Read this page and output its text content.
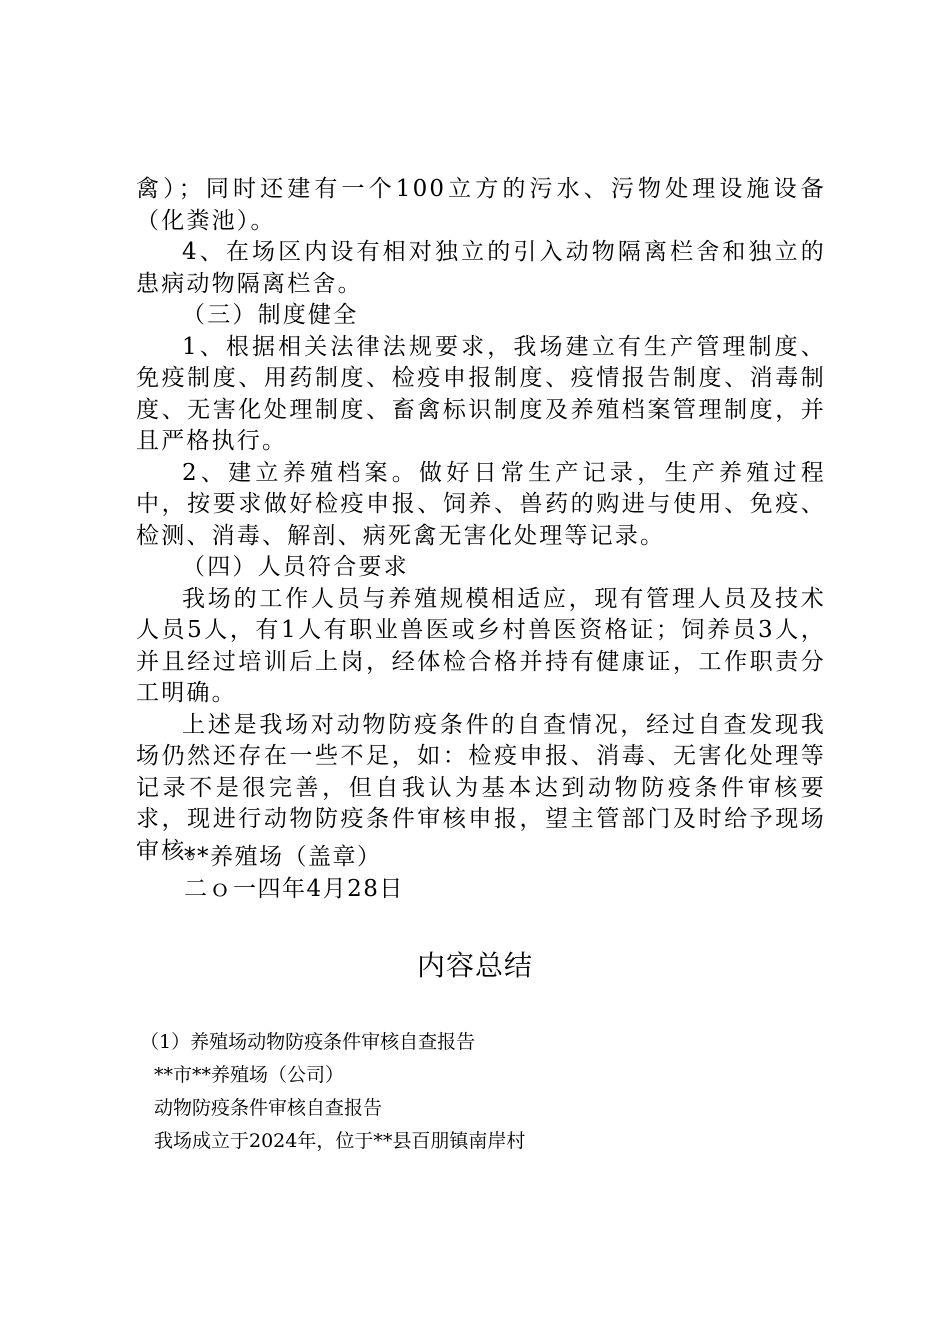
禽）；同时还建有一个100立方的污水、污物处理设施设备（化粪池）。

4、在场区内设有相对独立的引入动物隔离栏舍和独立的患病动物隔离栏舍。

（三）制度健全

1、根据相关法律法规要求，我场建立有生产管理制度、免疫制度、用药制度、检疫申报制度、疫情报告制度、消毒制度、无害化处理制度、畜禽标识制度及养殖档案管理制度，并且严格执行。

2、建立养殖档案。做好日常生产记录，生产养殖过程中，按要求做好检疫申报、饲养、兽药的购进与使用、免疫、检测、消毒、解剖、病死禽无害化处理等记录。

（四）人员符合要求

我场的工作人员与养殖规模相适应，现有管理人员及技术人员5人，有1人有职业兽医或乡村兽医资格证；饲养员3人，并且经过培训后上岗，经体检合格并持有健康证，工作职责分工明确。

上述是我场对动物防疫条件的自查情况，经过自查发现我场仍然还存在一些不足，如：检疫申报、消毒、无害化处理等记录不是很完善，但自我认为基本达到动物防疫条件审核要求，现进行动物防疫条件审核申报，望主管部门及时给予现场审核。

**养殖场（盖章）
二ｏ一四年4月28日
内容总结
（1）养殖场动物防疫条件审核自查报告
**市**养殖场（公司）
动物防疫条件审核自查报告
我场成立于2024年，位于**县百朋镇南岸村
